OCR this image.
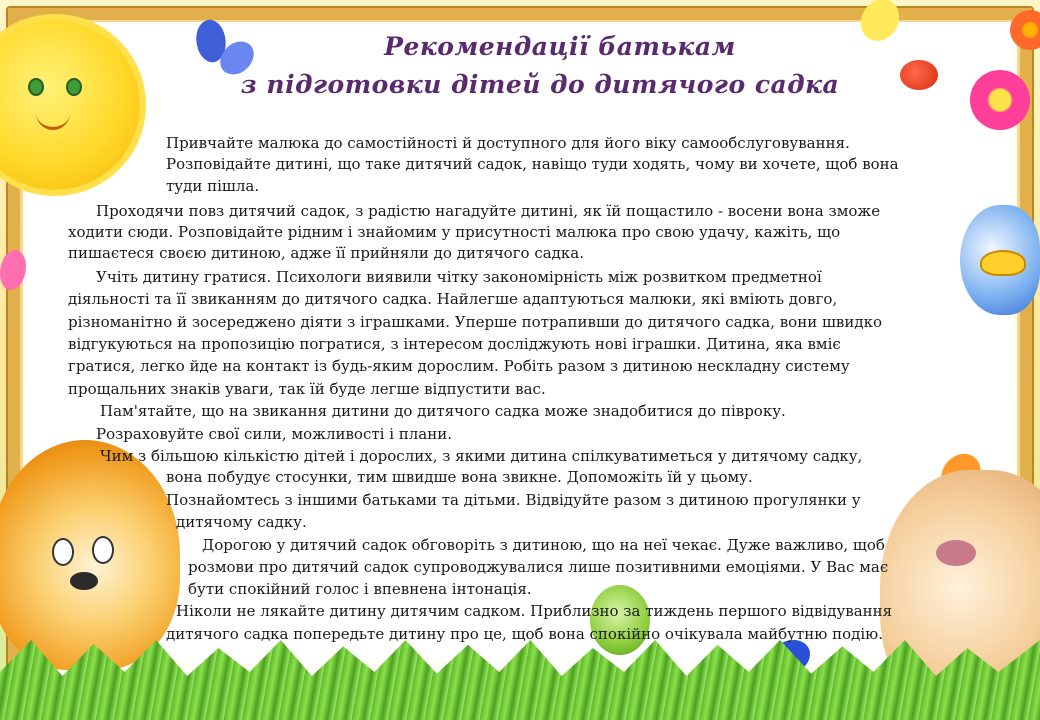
Рекомендації батькам
з підготовки дітей до дитячого садка
Привчайте малюка до самостійності й доступного для його віку самообслуговування.
Розповідайте дитині, що таке дитячий садок, навіщо туди ходять, чому ви хочете, щоб вона
туди пішла.
Проходячи повз дитячий садок, з радістю нагадуйте дитині, як їй пощастило - восени вона зможе
ходити сюди. Розповідайте рідним і знайомим у присутності малюка про свою удачу, кажіть, що
пишаєтеся своєю дитиною, адже її прийняли до дитячого садка.
Учіть дитину гратися. Психологи виявили чітку закономірність між розвитком предметної
діяльності та її звиканням до дитячого садка. Найлегше адаптуються малюки, які вміють довго,
різноманітно й зосереджено діяти з іграшками. Уперше потрапивши до дитячого садка, вони швидко
відгукуються на пропозицію погратися, з інтересом досліджують нові іграшки. Дитина, яка вміє
гратися, легко йде на контакт із будь-яким дорослим. Робіть разом з дитиною нескладну систему
прощальних знаків уваги, так їй буде легше відпустити вас.
Пам'ятайте, що на звикання дитини до дитячого садка може знадобитися до півроку.
Розраховуйте свої сили, можливості і плани.
Чим з більшою кількістю дітей і дорослих, з якими дитина спілкуватиметься у дитячому садку,
вона побудує стосунки, тим швидше вона звикне. Допоможіть їй у цьому.
Познайомтесь з іншими батьками та дітьми. Відвідуйте разом з дитиною прогулянки у
дитячому садку.
Дорогою у дитячий садок обговоріть з дитиною, що на неї чекає. Дуже важливо, щоб
розмови про дитячий садок супроводжувалися лише позитивними емоціями. У Вас має
бути спокійний голос і впевнена інтонація.
Ніколи не лякайте дитину дитячим садком. Приблизно за тиждень першого відвідування
дитячого садка попередьте дитину про це, щоб вона спокійно очікувала майбутню подію.
